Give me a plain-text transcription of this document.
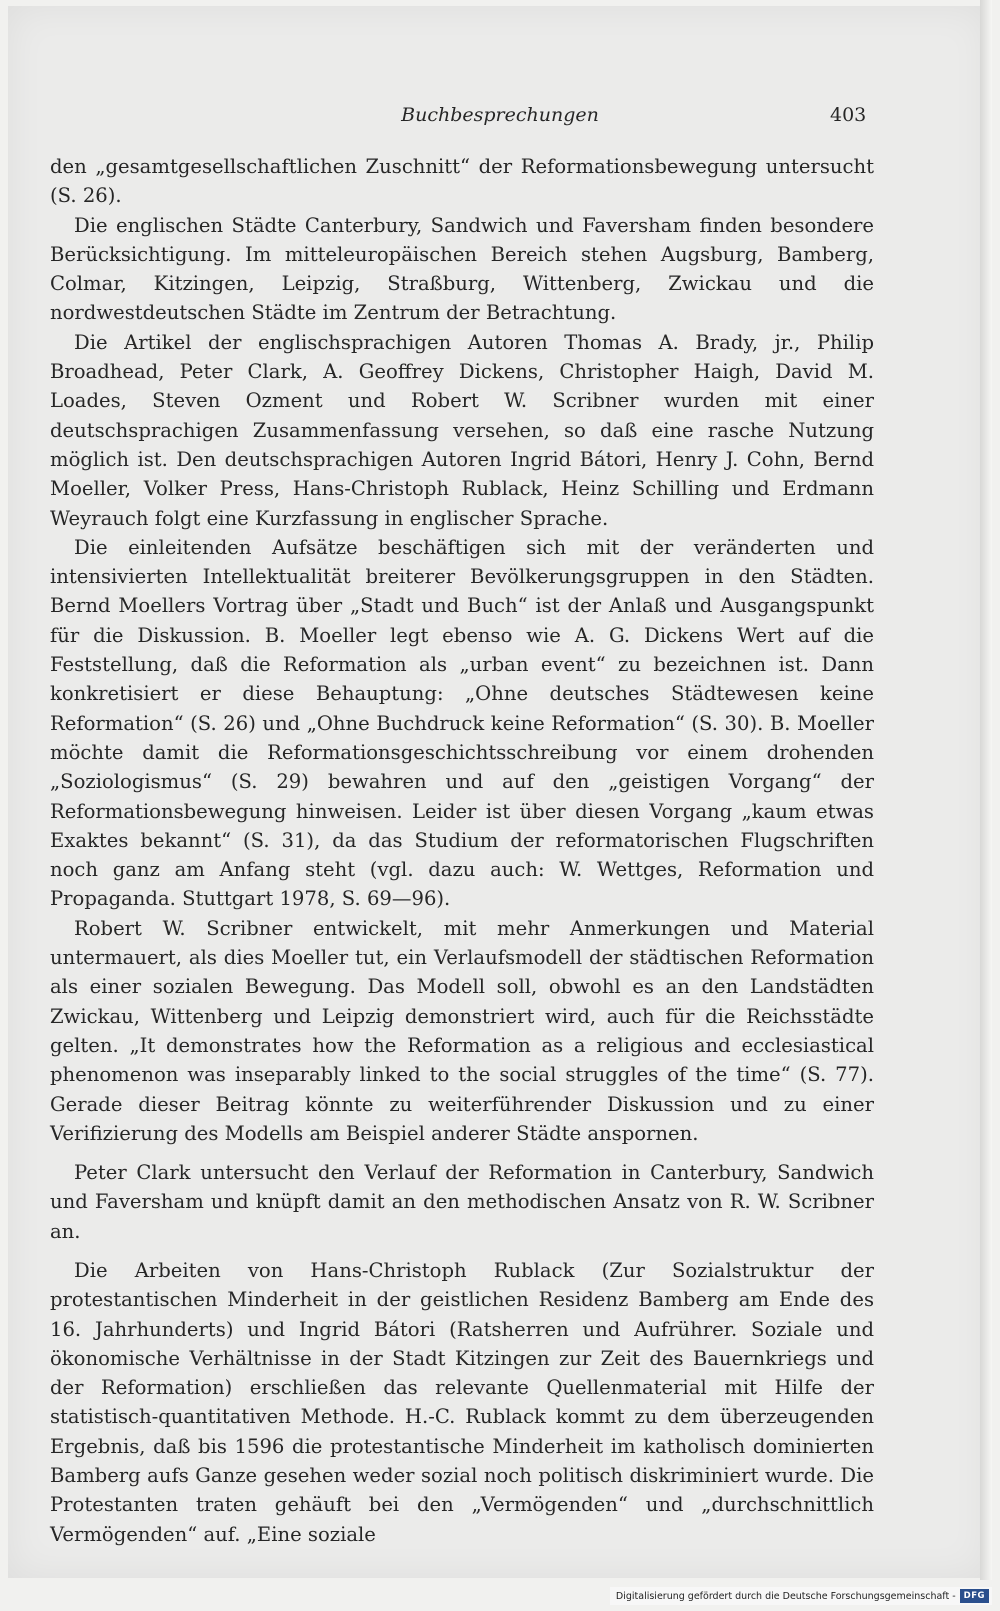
Buchbesprechungen	403

den „gesamtgesellschaftlichen Zuschnitt“ der Reformationsbewegung untersucht (S. 26).

Die englischen Städte Canterbury, Sandwich und Faversham finden besondere Berücksichtigung. Im mitteleuropäischen Bereich stehen Augsburg, Bamberg, Colmar, Kitzingen, Leipzig, Straßburg, Wittenberg, Zwickau und die nordwestdeutschen Städte im Zentrum der Betrachtung.

Die Artikel der englischsprachigen Autoren Thomas A. Brady, jr., Philip Broadhead, Peter Clark, A. Geoffrey Dickens, Christopher Haigh, David M. Loades, Steven Ozment und Robert W. Scribner wurden mit einer deutschsprachigen Zusammenfassung versehen, so daß eine rasche Nutzung möglich ist. Den deutschsprachigen Autoren Ingrid Bátori, Henry J. Cohn, Bernd Moeller, Volker Press, Hans-Christoph Rublack, Heinz Schilling und Erdmann Weyrauch folgt eine Kurzfassung in englischer Sprache.

Die einleitenden Aufsätze beschäftigen sich mit der veränderten und intensivierten Intellektualität breiterer Bevölkerungsgruppen in den Städten. Bernd Moellers Vortrag über „Stadt und Buch“ ist der Anlaß und Ausgangspunkt für die Diskussion. B. Moeller legt ebenso wie A. G. Dickens Wert auf die Feststellung, daß die Reformation als „urban event“ zu bezeichnen ist. Dann konkretisiert er diese Behauptung: „Ohne deutsches Städtewesen keine Reformation“ (S. 26) und „Ohne Buchdruck keine Reformation“ (S. 30). B. Moeller möchte damit die Reformationsgeschichtsschreibung vor einem drohenden „Soziologismus“ (S. 29) bewahren und auf den „geistigen Vorgang“ der Reformationsbewegung hinweisen. Leider ist über diesen Vorgang „kaum etwas Exaktes bekannt“ (S. 31), da das Studium der reformatorischen Flugschriften noch ganz am Anfang steht (vgl. dazu auch: W. Wettges, Reformation und Propaganda. Stuttgart 1978, S. 69—96).

Robert W. Scribner entwickelt, mit mehr Anmerkungen und Material untermauert, als dies Moeller tut, ein Verlaufsmodell der städtischen Reformation als einer sozialen Bewegung. Das Modell soll, obwohl es an den Landstädten Zwickau, Wittenberg und Leipzig demonstriert wird, auch für die Reichsstädte gelten. „It demonstrates how the Reformation as a religious and ecclesiastical phenomenon was inseparably linked to the social struggles of the time“ (S. 77). Gerade dieser Beitrag könnte zu weiterführender Diskussion und zu einer Verifizierung des Modells am Beispiel anderer Städte anspornen.

Peter Clark untersucht den Verlauf der Reformation in Canterbury, Sandwich und Faversham und knüpft damit an den methodischen Ansatz von R. W. Scribner an.

Die Arbeiten von Hans-Christoph Rublack (Zur Sozialstruktur der protestantischen Minderheit in der geistlichen Residenz Bamberg am Ende des 16. Jahrhunderts) und Ingrid Bátori (Ratsherren und Aufrührer. Soziale und ökonomische Verhältnisse in der Stadt Kitzingen zur Zeit des Bauernkriegs und der Reformation) erschließen das relevante Quellenmaterial mit Hilfe der statistisch-quantitativen Methode. H.-C. Rublack kommt zu dem überzeugenden Ergebnis, daß bis 1596 die protestantische Minderheit im katholisch dominierten Bamberg aufs Ganze gesehen weder sozial noch politisch diskriminiert wurde. Die Protestanten traten gehäuft bei den „Vermögenden“ und „durchschnittlich Vermögenden“ auf. „Eine soziale

Digitalisierung gefördert durch die Deutsche Forschungsgemeinschaft - DFG
